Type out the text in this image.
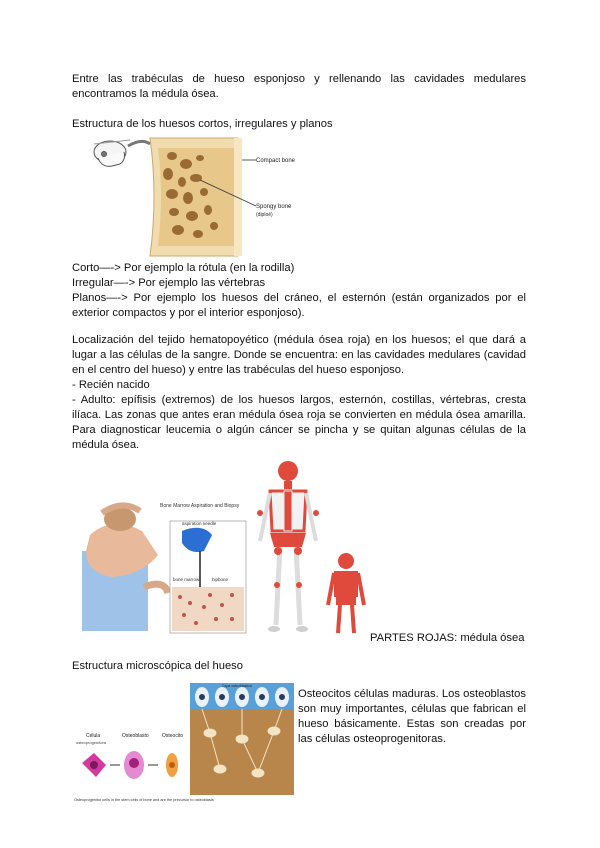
Entre las trabéculas de hueso esponjoso y rellenando las cavidades medulares encontramos la médula ósea.

Estructura de los huesos cortos, irregulares y planos

Compact bone
Spongy bone
(diploë)

Corto—-> Por ejemplo la rótula (en la rodilla)

Irregular—-> Por ejemplo las vértebras

Planos—-> Por ejemplo los huesos del cráneo, el esternón (están organizados por el exterior compactos y por el interior esponjoso).

Localización del tejido hematopoyético (médula ósea roja) en los huesos; el que dará a lugar a las células de la sangre. Donde se encuentra: en las cavidades medulares (cavidad en el centro del hueso) y entre las trabéculas del hueso esponjoso.

- Recién nacido

- Adulto: epífisis (extremos) de los huesos largos, esternón, costillas, vértebras, cresta ilíaca. Las zonas que antes eran médula ósea roja se convierten en médula ósea amarilla. Para diagnosticar leucemia o algún cáncer se pincha y se quitan algunas células de la médula ósea.

Bone Marrow Aspiration and Biopsy
aspiration needle
bone marrow	hipbone

PARTES ROJAS: médula ósea

Estructura microscópica del hueso

Célula
osteoprogenitora
Osteoblasto	Osteocito
Capa osteoblástica
Osteoprogenitor cells in the stem cells of bone and are the precursor to osteoblasts

Osteocitos células maduras. Los osteoblastos son muy importantes, células que fabrican el hueso básicamente. Estas son creadas por las células osteoprogenitoras.
